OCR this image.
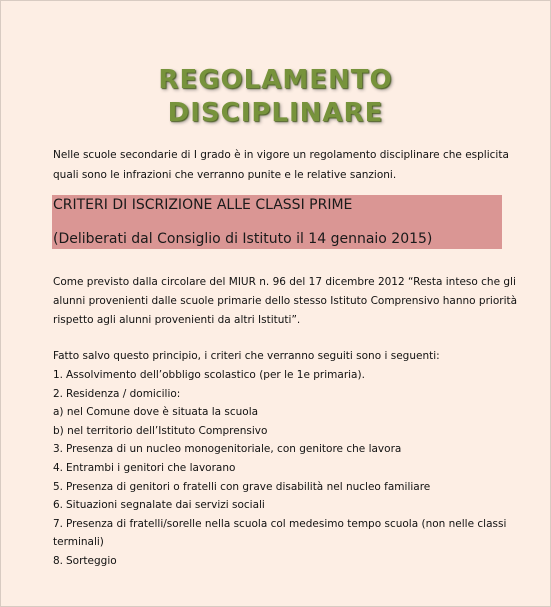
REGOLAMENTO
DISCIPLINARE

Nelle scuole secondarie di I grado è in vigore un regolamento disciplinare che esplicita quali sono le infrazioni che verranno punite e le relative sanzioni.

CRITERI DI ISCRIZIONE ALLE CLASSI PRIME

(Deliberati dal Consiglio di Istituto il 14 gennaio 2015)

Come previsto dalla circolare del MIUR n. 96 del 17 dicembre 2012 “Resta inteso che gli alunni provenienti dalle scuole primarie dello stesso Istituto Comprensivo hanno priorità rispetto agli alunni provenienti da altri Istituti”.

Fatto salvo questo principio, i criteri che verranno seguiti sono i seguenti:

1. Assolvimento dell’obbligo scolastico (per le 1e primaria).
2. Residenza / domicilio:
a) nel Comune dove è situata la scuola
b) nel territorio dell’Istituto Comprensivo
3. Presenza di un nucleo monogenitoriale, con genitore che lavora
4. Entrambi i genitori che lavorano
5. Presenza di genitori o fratelli con grave disabilità nel nucleo familiare
6. Situazioni segnalate dai servizi sociali
7. Presenza di fratelli/sorelle nella scuola col medesimo tempo scuola (non nelle classi
terminali)
8. Sorteggio
